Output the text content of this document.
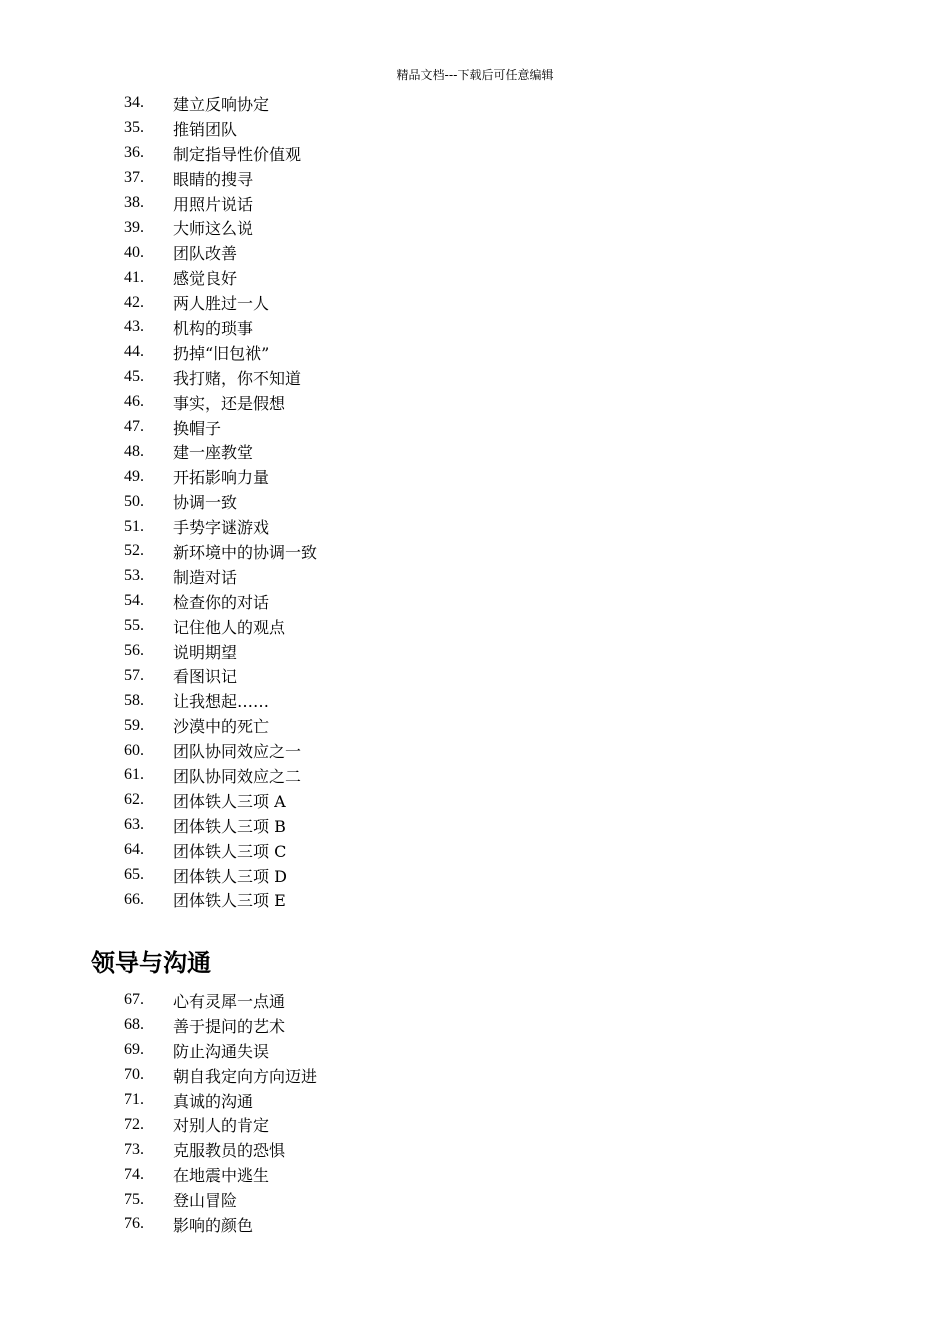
精品文档---下载后可任意编辑
34.	建立反响协定
35.	推销团队
36.	制定指导性价值观
37.	眼睛的搜寻
38.	用照片说话
39.	大师这么说
40.	团队改善
41.	感觉良好
42.	两人胜过一人
43.	机构的琐事
44.	扔掉“旧包袱”
45.	我打赌，你不知道
46.	事实，还是假想
47.	换帽子
48.	建一座教堂
49.	开拓影响力量
50.	协调一致
51.	手势字谜游戏
52.	新环境中的协调一致
53.	制造对话
54.	检查你的对话
55.	记住他人的观点
56.	说明期望
57.	看图识记
58.	让我想起……
59.	沙漠中的死亡
60.	团队协同效应之一
61.	团队协同效应之二
62.	团体铁人三项 A
63.	团体铁人三项 B
64.	团体铁人三项 C
65.	团体铁人三项 D
66.	团体铁人三项 E
领导与沟通
67.	心有灵犀一点通
68.	善于提问的艺术
69.	防止沟通失误
70.	朝自我定向方向迈进
71.	真诚的沟通
72.	对别人的肯定
73.	克服教员的恐惧
74.	在地震中逃生
75.	登山冒险
76.	影响的颜色
